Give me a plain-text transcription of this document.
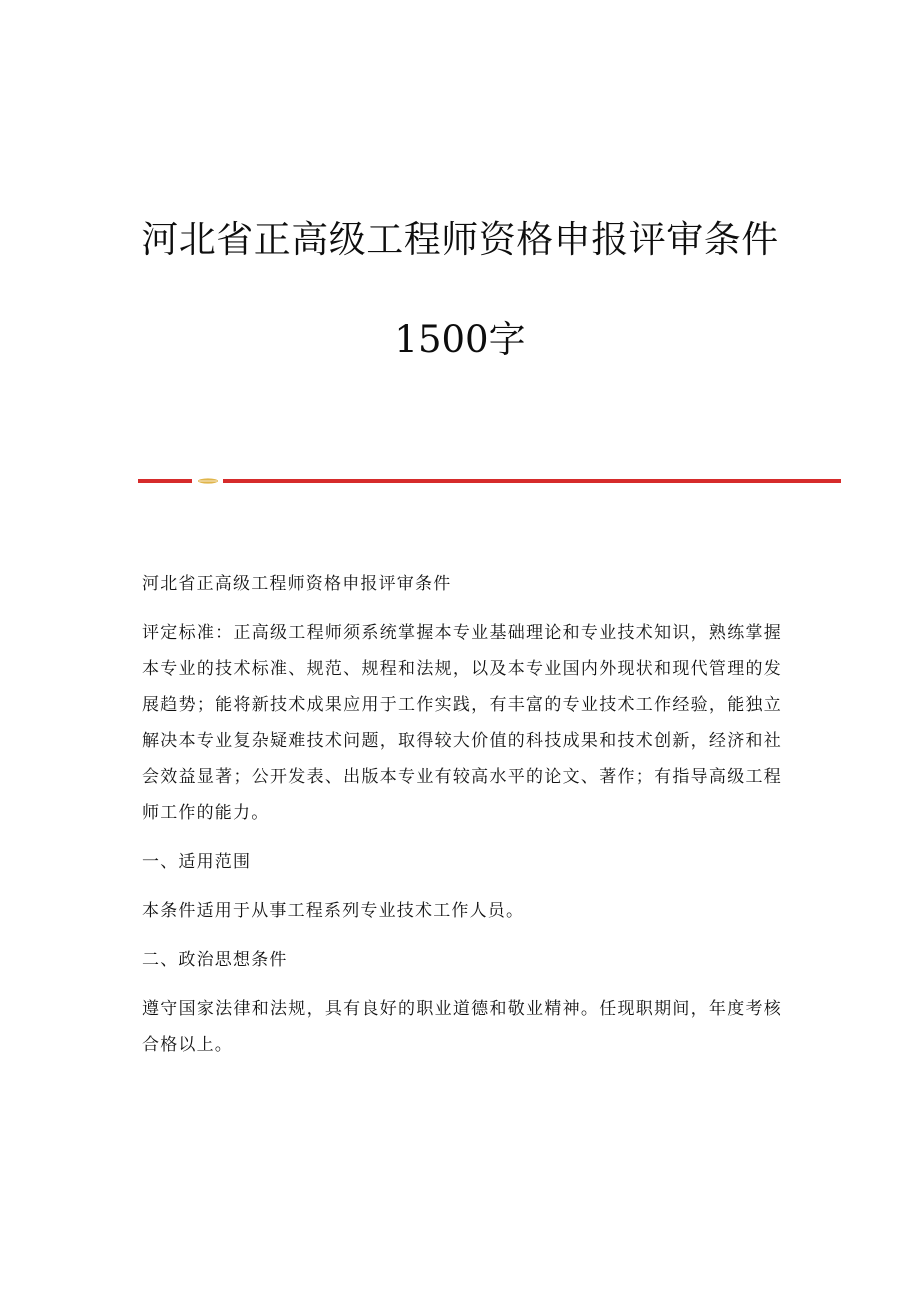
河北省正高级工程师资格申报评审条件
1500字

河北省正高级工程师资格申报评审条件

评定标准：正高级工程师须系统掌握本专业基础理论和专业技术知识，熟练掌握本专业的技术标准、规范、规程和法规，以及本专业国内外现状和现代管理的发展趋势；能将新技术成果应用于工作实践，有丰富的专业技术工作经验，能独立解决本专业复杂疑难技术问题，取得较大价值的科技成果和技术创新，经济和社会效益显著；公开发表、出版本专业有较高水平的论文、著作；有指导高级工程师工作的能力。

一、适用范围

本条件适用于从事工程系列专业技术工作人员。

二、政治思想条件

遵守国家法律和法规，具有良好的职业道德和敬业精神。任现职期间，年度考核合格以上。
